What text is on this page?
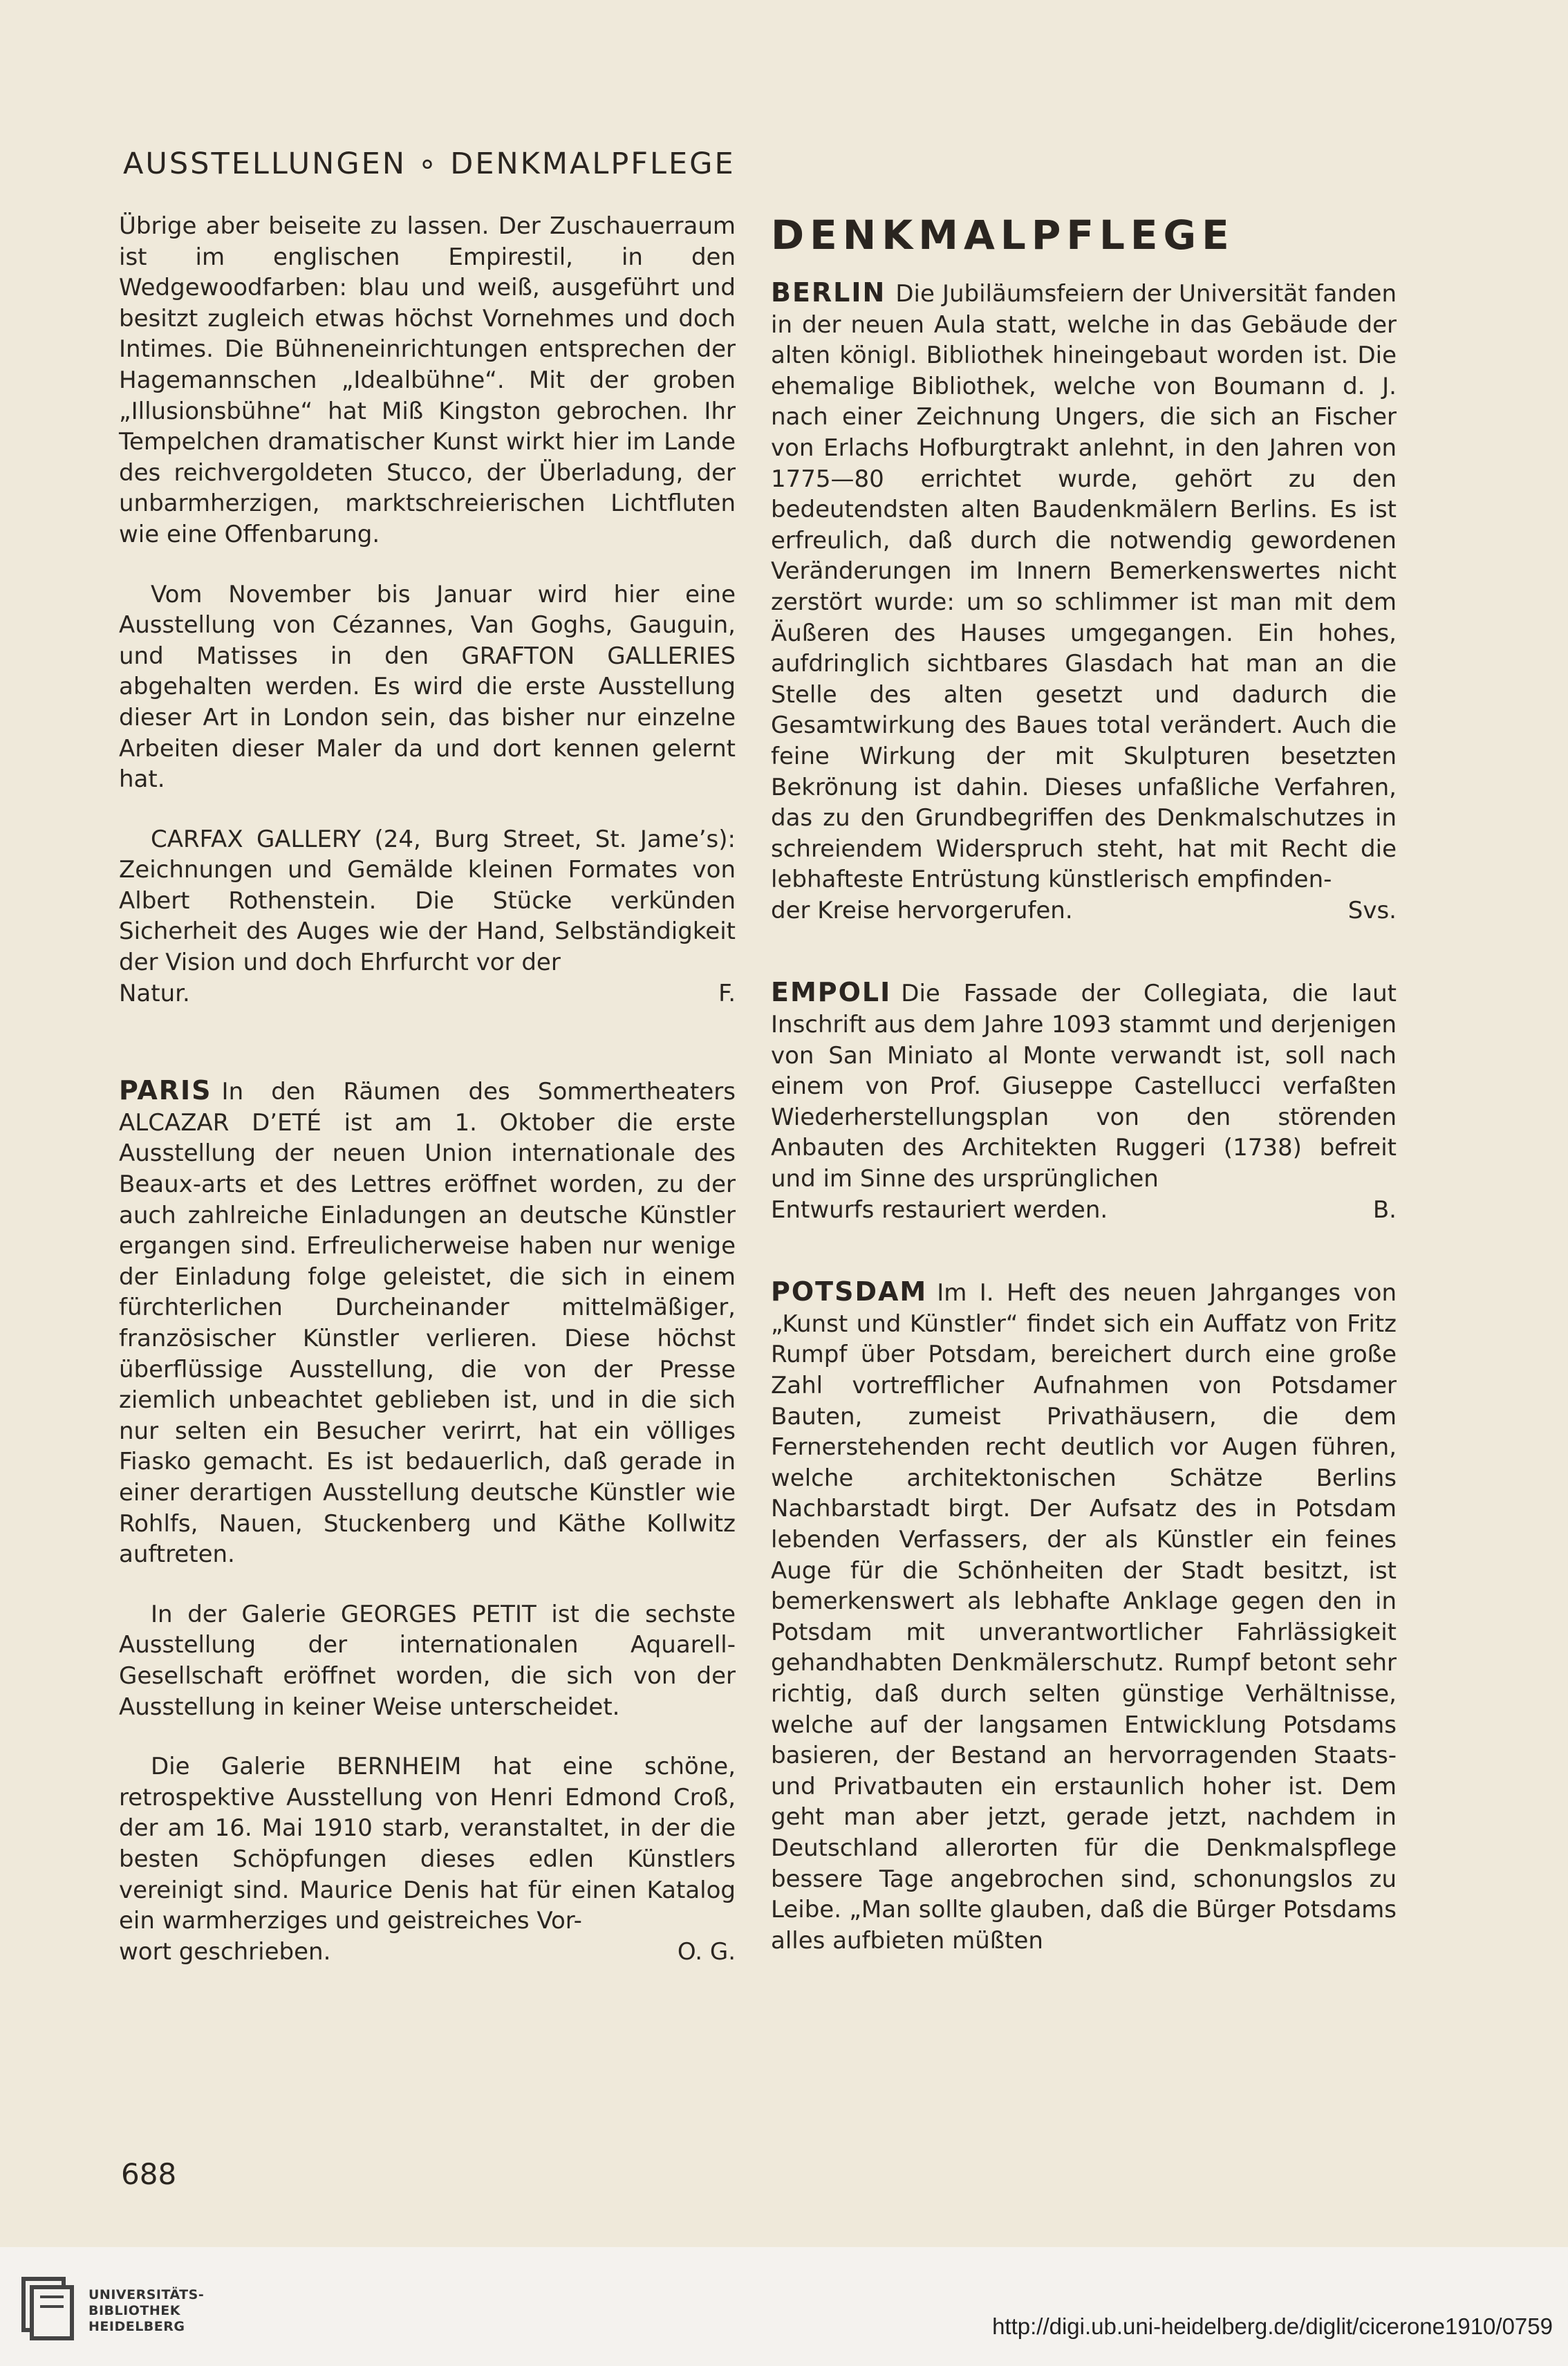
AUSSTELLUNGEN ∘ DENKMALPFLEGE

Übrige aber beiseite zu lassen. Der Zuschauerraum ist im englischen Empirestil, in den Wedgewoodfarben: blau und weiß, ausgeführt und besitzt zugleich etwas höchst Vornehmes und doch Intimes. Die Bühneneinrichtungen entsprechen der Hagemannschen „Idealbühne“. Mit der groben „Illusionsbühne“ hat Miß Kingston gebrochen. Ihr Tempelchen dramatischer Kunst wirkt hier im Lande des reichvergoldeten Stucco, der Überladung, der unbarmherzigen, marktschreierischen Lichtfluten wie eine Offenbarung.

Vom November bis Januar wird hier eine Ausstellung von Cézannes, Van Goghs, Gauguin, und Matisses in den GRAFTON GALLERIES abgehalten werden. Es wird die erste Ausstellung dieser Art in London sein, das bisher nur einzelne Arbeiten dieser Maler da und dort kennen gelernt hat.

CARFAX GALLERY (24, Burg Street, St. Jame’s): Zeichnungen und Gemälde kleinen Formates von Albert Rothenstein. Die Stücke verkünden Sicherheit des Auges wie der Hand, Selbständigkeit der Vision und doch Ehrfurcht vor der

Natur.	F.

PARIS In den Räumen des Sommertheaters ALCAZAR D’ETÉ ist am 1. Oktober die erste Ausstellung der neuen Union internationale des Beaux-arts et des Lettres eröffnet worden, zu der auch zahlreiche Einladungen an deutsche Künstler ergangen sind. Erfreulicherweise haben nur wenige der Einladung folge geleistet, die sich in einem fürchterlichen Durcheinander mittelmäßiger, französischer Künstler verlieren. Diese höchst überflüssige Ausstellung, die von der Presse ziemlich unbeachtet geblieben ist, und in die sich nur selten ein Besucher verirrt, hat ein völliges Fiasko gemacht. Es ist bedauerlich, daß gerade in einer derartigen Ausstellung deutsche Künstler wie Rohlfs, Nauen, Stuckenberg und Käthe Kollwitz auftreten.

In der Galerie GEORGES PETIT ist die sechste Ausstellung der internationalen Aquarell-Gesellschaft eröffnet worden, die sich von der Ausstellung in keiner Weise unterscheidet.

Die Galerie BERNHEIM hat eine schöne, retrospektive Ausstellung von Henri Edmond Croß, der am 16. Mai 1910 starb, veranstaltet, in der die besten Schöpfungen dieses edlen Künstlers vereinigt sind. Maurice Denis hat für einen Katalog ein warmherziges und geistreiches Vor-

wort geschrieben.	O. G.
DENKMALPFLEGE

BERLIN Die Jubiläumsfeiern der Universität fanden in der neuen Aula statt, welche in das Gebäude der alten königl. Bibliothek hineingebaut worden ist. Die ehemalige Bibliothek, welche von Boumann d. J. nach einer Zeichnung Ungers, die sich an Fischer von Erlachs Hofburgtrakt anlehnt, in den Jahren von 1775—80 errichtet wurde, gehört zu den bedeutendsten alten Baudenkmälern Berlins. Es ist erfreulich, daß durch die notwendig gewordenen Veränderungen im Innern Bemerkenswertes nicht zerstört wurde: um so schlimmer ist man mit dem Äußeren des Hauses umgegangen. Ein hohes, aufdringlich sichtbares Glasdach hat man an die Stelle des alten gesetzt und dadurch die Gesamtwirkung des Baues total verändert. Auch die feine Wirkung der mit Skulpturen besetzten Bekrönung ist dahin. Dieses unfaßliche Verfahren, das zu den Grundbegriffen des Denkmalschutzes in schreiendem Widerspruch steht, hat mit Recht die lebhafteste Entrüstung künstlerisch empfinden-

der Kreise hervorgerufen.	Svs.

EMPOLI Die Fassade der Collegiata, die laut Inschrift aus dem Jahre 1093 stammt und derjenigen von San Miniato al Monte verwandt ist, soll nach einem von Prof. Giuseppe Castellucci verfaßten Wiederherstellungsplan von den störenden Anbauten des Architekten Ruggeri (1738) befreit und im Sinne des ursprünglichen

Entwurfs restauriert werden.	B.

POTSDAM Im I. Heft des neuen Jahrganges von „Kunst und Künstler“ findet sich ein Auffatz von Fritz Rumpf über Potsdam, bereichert durch eine große Zahl vortrefflicher Aufnahmen von Potsdamer Bauten, zumeist Privathäusern, die dem Fernerstehenden recht deutlich vor Augen führen, welche architektonischen Schätze Berlins Nachbarstadt birgt. Der Aufsatz des in Potsdam lebenden Verfassers, der als Künstler ein feines Auge für die Schönheiten der Stadt besitzt, ist bemerkenswert als lebhafte Anklage gegen den in Potsdam mit unverantwortlicher Fahrlässigkeit gehandhabten Denkmälerschutz. Rumpf betont sehr richtig, daß durch selten günstige Verhältnisse, welche auf der langsamen Entwicklung Potsdams basieren, der Bestand an hervorragenden Staats- und Privatbauten ein erstaunlich hoher ist. Dem geht man aber jetzt, gerade jetzt, nachdem in Deutschland allerorten für die Denkmalspflege bessere Tage angebrochen sind, schonungslos zu Leibe. „Man sollte glauben, daß die Bürger Potsdams alles aufbieten müßten

688
UNIVERSITÄTS-
BIBLIOTHEK
HEIDELBERG	http://digi.ub.uni-heidelberg.de/diglit/cicerone1910/0759
